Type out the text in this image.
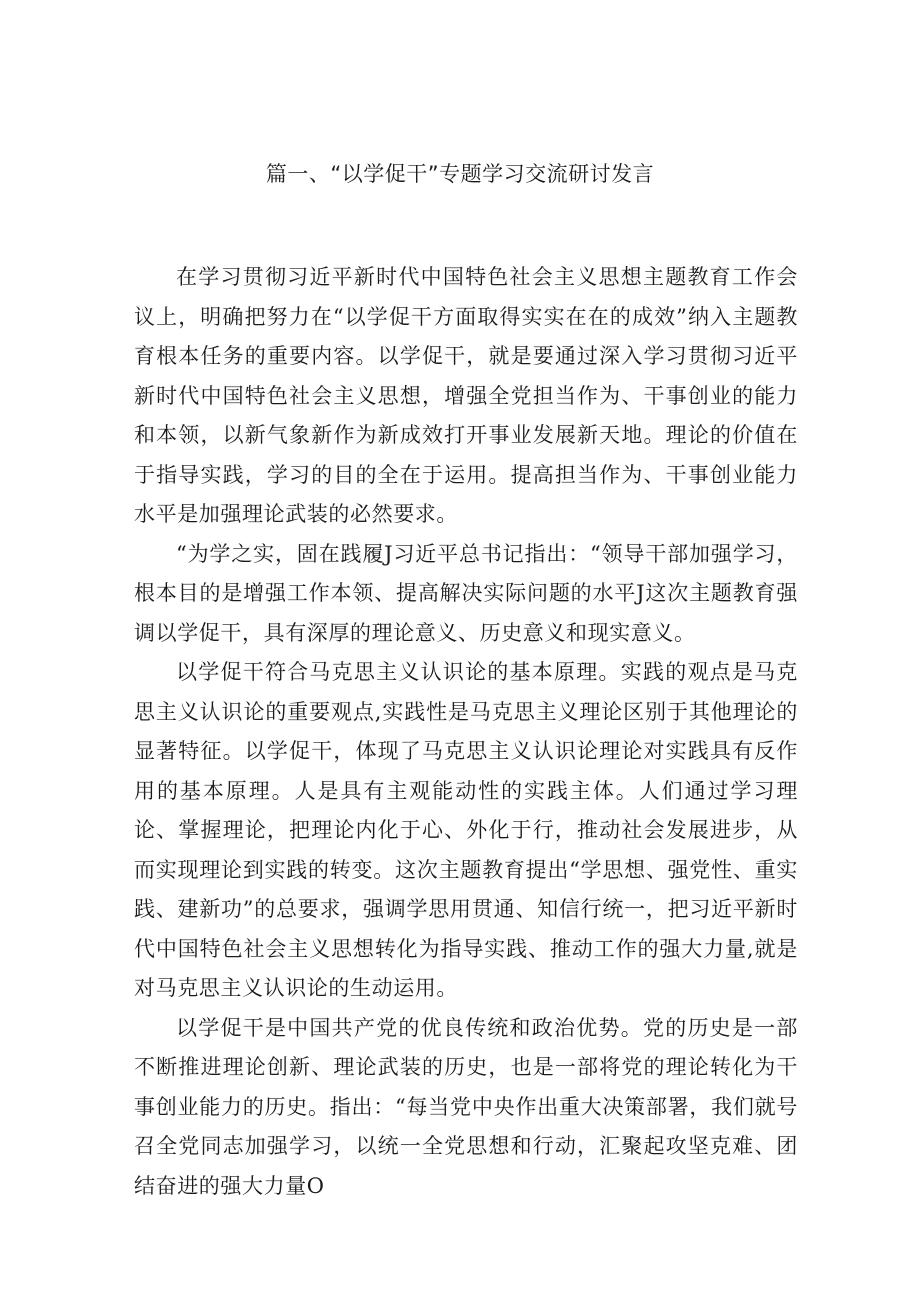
篇一、“以学促干”专题学习交流研讨发言

在学习贯彻习近平新时代中国特色社会主义思想主题教育工作会议上，明确把努力在“以学促干方面取得实实在在的成效”纳入主题教育根本任务的重要内容。以学促干，就是要通过深入学习贯彻习近平新时代中国特色社会主义思想，增强全党担当作为、干事创业的能力和本领，以新气象新作为新成效打开事业发展新天地。理论的价值在于指导实践，学习的目的全在于运用。提高担当作为、干事创业能力水平是加强理论武装的必然要求。

“为学之实，固在践履J习近平总书记指出：“领导干部加强学习，根本目的是增强工作本领、提高解决实际问题的水平J这次主题教育强调以学促干，具有深厚的理论意义、历史意义和现实意义。

以学促干符合马克思主义认识论的基本原理。实践的观点是马克思主义认识论的重要观点,实践性是马克思主义理论区别于其他理论的显著特征。以学促干，体现了马克思主义认识论理论对实践具有反作用的基本原理。人是具有主观能动性的实践主体。人们通过学习理论、掌握理论，把理论内化于心、外化于行，推动社会发展进步，从而实现理论到实践的转变。这次主题教育提出“学思想、强党性、重实践、建新功”的总要求，强调学思用贯通、知信行统一，把习近平新时代中国特色社会主义思想转化为指导实践、推动工作的强大力量,就是对马克思主义认识论的生动运用。

以学促干是中国共产党的优良传统和政治优势。党的历史是一部不断推进理论创新、理论武装的历史，也是一部将党的理论转化为干事创业能力的历史。指出：“每当党中央作出重大决策部署，我们就号召全党同志加强学习，以统一全党思想和行动，汇聚起攻坚克难、团结奋进的强大力量O
